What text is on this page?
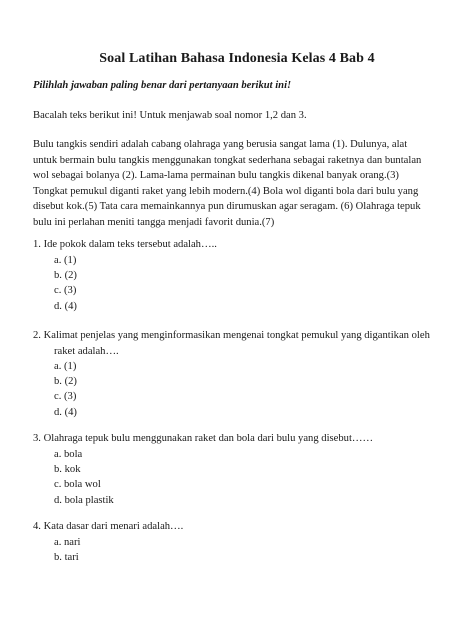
Soal Latihan Bahasa Indonesia Kelas 4 Bab 4
Pilihlah jawaban paling benar dari pertanyaan berikut ini!
Bacalah teks berikut ini! Untuk menjawab soal nomor 1,2 dan 3.
Bulu tangkis sendiri adalah cabang olahraga yang berusia sangat lama (1). Dulunya, alat
untuk bermain bulu tangkis menggunakan tongkat sederhana sebagai raketnya dan buntalan
wol sebagai bolanya (2). Lama-lama permainan bulu tangkis dikenal banyak orang.(3)
Tongkat pemukul diganti raket yang lebih modern.(4) Bola wol diganti bola dari bulu yang
disebut kok.(5) Tata cara memainkannya pun dirumuskan agar seragam. (6) Olahraga tepuk
bulu ini perlahan meniti tangga menjadi favorit dunia.(7)
1. Ide pokok dalam teks tersebut adalah…..
a. (1)
b. (2)
c. (3)
d. (4)
2. Kalimat penjelas yang menginformasikan mengenai tongkat pemukul yang digantikan oleh
raket adalah….
a. (1)
b. (2)
c. (3)
d. (4)
3. Olahraga tepuk bulu menggunakan raket dan bola dari bulu yang disebut……
a. bola
b. kok
c. bola wol
d. bola plastik
4. Kata dasar dari menari adalah….
a. nari
b. tari
